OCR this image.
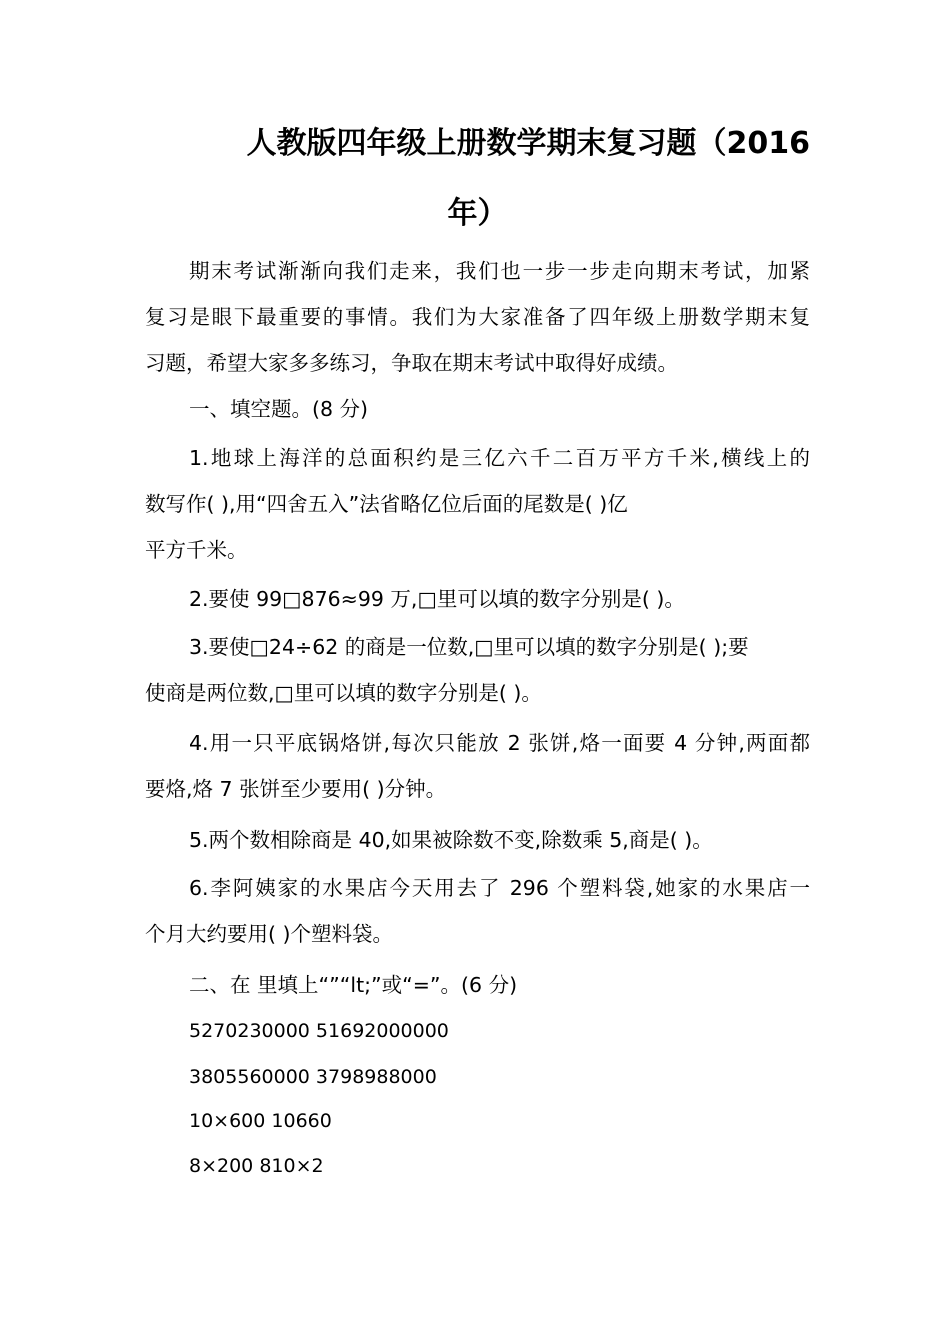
人教版四年级上册数学期末复习题（2016
年）
期末考试渐渐向我们走来，我们也一步一步走向期末考试，加紧
复习是眼下最重要的事情。我们为大家准备了四年级上册数学期末复
习题，希望大家多多练习，争取在期末考试中取得好成绩。
一、填空题。(8 分)
1.地球上海洋的总面积约是三亿六千二百万平方千米,横线上的
数写作( ),用“四舍五入”法省略亿位后面的尾数是( )亿
平方千米。
2.要使 99□876≈99 万,□里可以填的数字分别是( )。
3.要使□24÷62 的商是一位数,□里可以填的数字分别是( );要
使商是两位数,□里可以填的数字分别是( )。
4.用一只平底锅烙饼,每次只能放 2 张饼,烙一面要 4 分钟,两面都
要烙,烙 7 张饼至少要用( )分钟。
5.两个数相除商是 40,如果被除数不变,除数乘 5,商是( )。
6.李阿姨家的水果店今天用去了 296 个塑料袋,她家的水果店一
个月大约要用( )个塑料袋。
二、在 里填上“”“lt;”或“=”。(6 分)
5270230000 51692000000
3805560000 3798988000
10×600 10660
8×200 810×2
